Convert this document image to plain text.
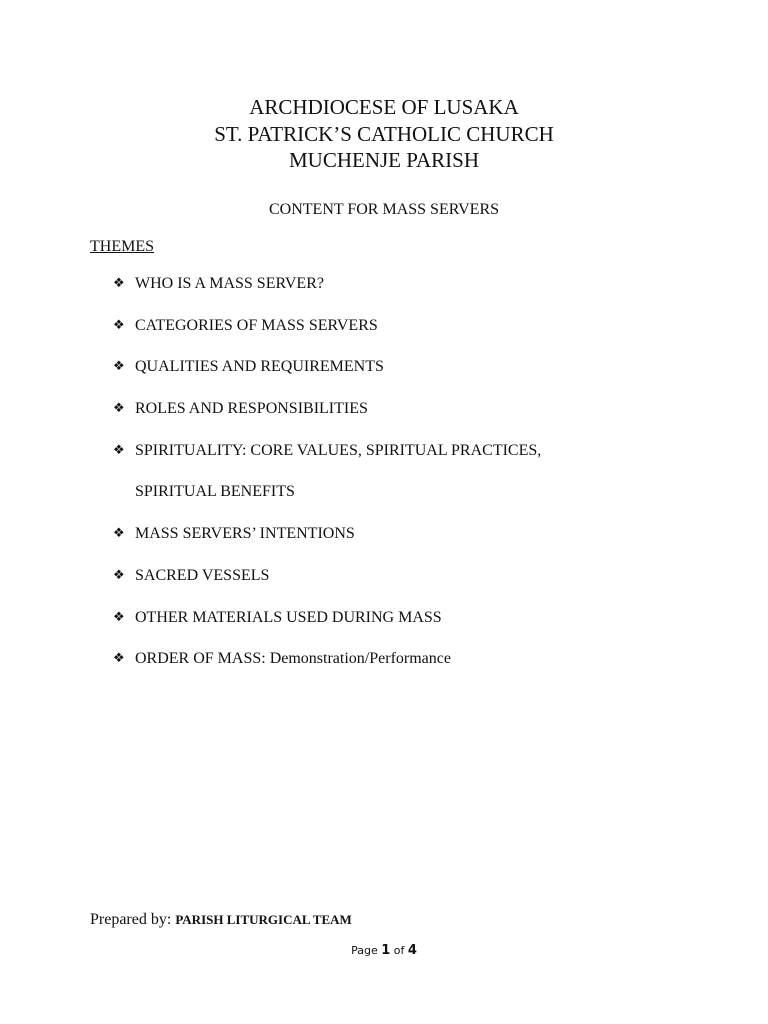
ARCHDIOCESE OF LUSAKA
ST. PATRICK’S CATHOLIC CHURCH
MUCHENJE PARISH
CONTENT FOR MASS SERVERS
THEMES
❖ WHO IS A MASS SERVER?
❖ CATEGORIES OF MASS SERVERS
❖ QUALITIES AND REQUIREMENTS
❖ ROLES AND RESPONSIBILITIES
❖ SPIRITUALITY: CORE VALUES, SPIRITUAL PRACTICES,
SPIRITUAL BENEFITS
❖ MASS SERVERS’ INTENTIONS
❖ SACRED VESSELS
❖ OTHER MATERIALS USED DURING MASS
❖ ORDER OF MASS: Demonstration/Performance
Prepared by: PARISH LITURGICAL TEAM
Page 1 of 4
